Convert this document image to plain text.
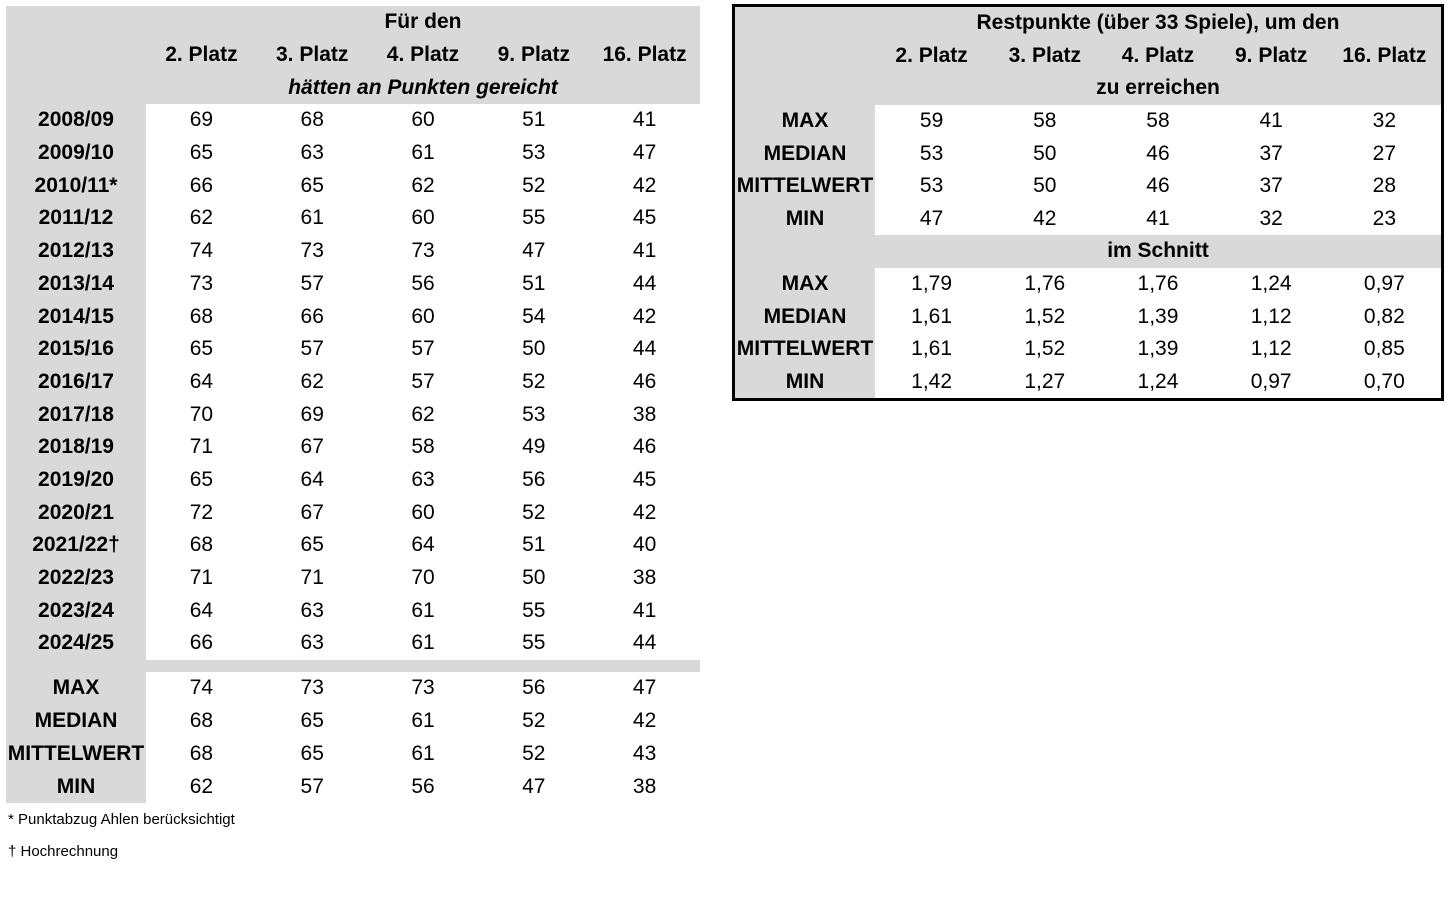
	Für den				
	2. Platz	3. Platz	4. Platz	9. Platz	16. Platz
	hätten an Punkten gereicht				
2008/09	69	68	60	51	41
2009/10	65	63	61	53	47
2010/11*	66	65	62	52	42
2011/12	62	61	60	55	45
2012/13	74	73	73	47	41
2013/14	73	57	56	51	44
2014/15	68	66	60	54	42
2015/16	65	57	57	50	44
2016/17	64	62	57	52	46
2017/18	70	69	62	53	38
2018/19	71	67	58	49	46
2019/20	65	64	63	56	45
2020/21	72	67	60	52	42
2021/22†	68	65	64	51	40
2022/23	71	71	70	50	38
2023/24	64	63	61	55	41
2024/25	66	63	61	55	44

MAX	74	73	73	56	47
MEDIAN	68	65	61	52	42
MITTELWERT	68	65	61	52	43
MIN	62	57	56	47	38
	Restpunkte (über 33 Spiele), um den				
	2. Platz	3. Platz	4. Platz	9. Platz	16. Platz
	zu erreichen				
MAX	59	58	58	41	32
MEDIAN	53	50	46	37	27
MITTELWERT	53	50	46	37	28
MIN	47	42	41	32	23
	im Schnitt				
MAX	1,79	1,76	1,76	1,24	0,97
MEDIAN	1,61	1,52	1,39	1,12	0,82
MITTELWERT	1,61	1,52	1,39	1,12	0,85
MIN	1,42	1,27	1,24	0,97	0,70
* Punktabzug Ahlen berücksichtigt
† Hochrechnung
